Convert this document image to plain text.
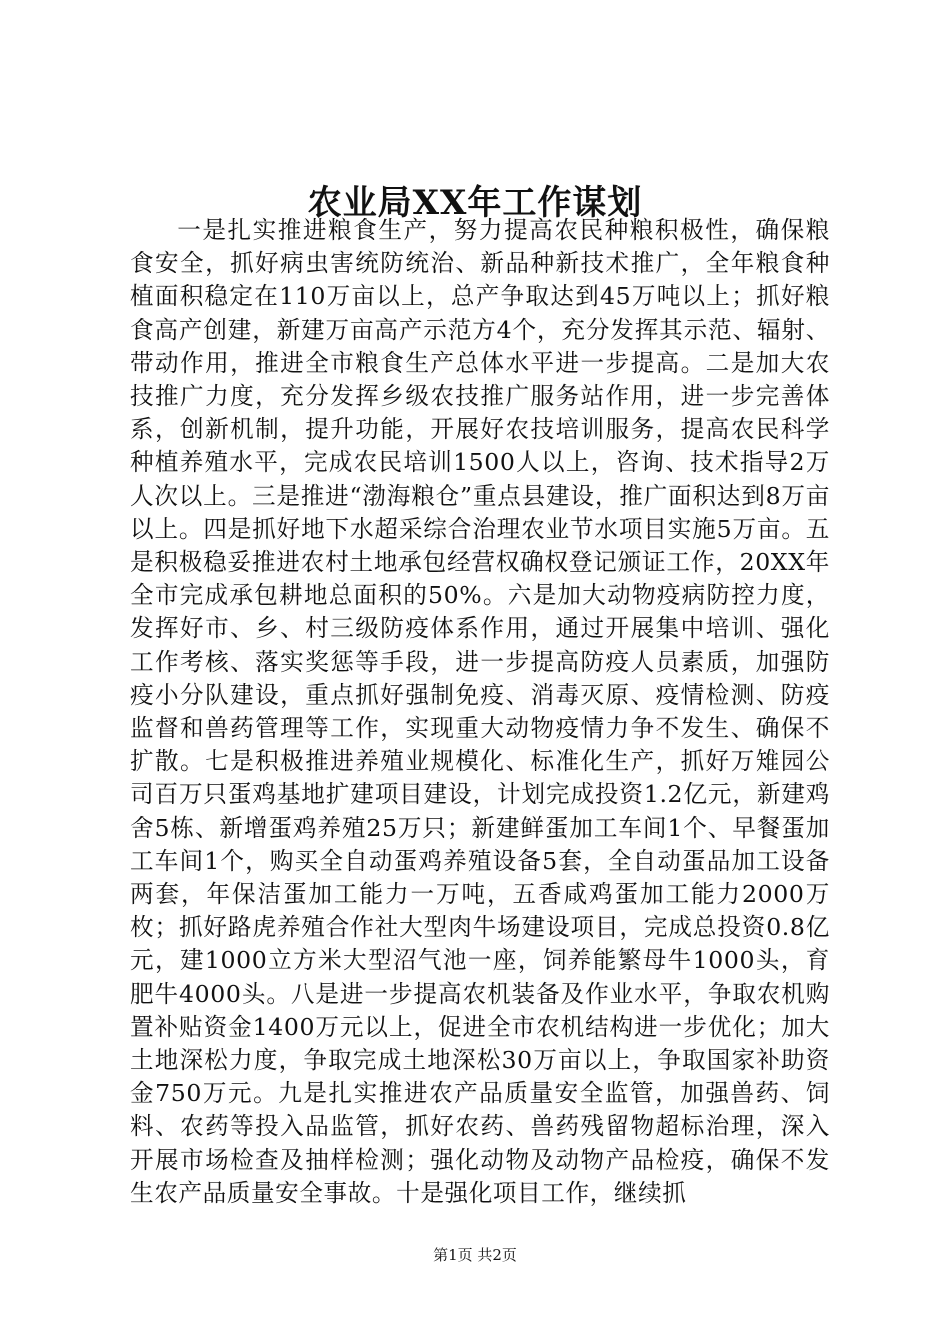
农业局XX年工作谋划

一是扎实推进粮食生产，努力提高农民种粮积极性，确保粮食安全，抓好病虫害统防统治、新品种新技术推广，全年粮食种植面积稳定在110万亩以上，总产争取达到45万吨以上；抓好粮食高产创建，新建万亩高产示范方4个，充分发挥其示范、辐射、带动作用，推进全市粮食生产总体水平进一步提高。二是加大农技推广力度，充分发挥乡级农技推广服务站作用，进一步完善体系，创新机制，提升功能，开展好农技培训服务，提高农民科学种植养殖水平，完成农民培训1500人以上，咨询、技术指导2万人次以上。三是推进“渤海粮仓”重点县建设，推广面积达到8万亩以上。四是抓好地下水超采综合治理农业节水项目实施5万亩。五是积极稳妥推进农村土地承包经营权确权登记颁证工作，20XX年全市完成承包耕地总面积的50%。六是加大动物疫病防控力度，发挥好市、乡、村三级防疫体系作用，通过开展集中培训、强化工作考核、落实奖惩等手段，进一步提高防疫人员素质，加强防疫小分队建设，重点抓好强制免疫、消毒灭原、疫情检测、防疫监督和兽药管理等工作，实现重大动物疫情力争不发生、确保不扩散。七是积极推进养殖业规模化、标准化生产，抓好万雉园公司百万只蛋鸡基地扩建项目建设，计划完成投资1.2亿元，新建鸡舍5栋、新增蛋鸡养殖25万只；新建鲜蛋加工车间1个、早餐蛋加工车间1个，购买全自动蛋鸡养殖设备5套，全自动蛋品加工设备两套，年保洁蛋加工能力一万吨，五香咸鸡蛋加工能力2000万枚；抓好路虎养殖合作社大型肉牛场建设项目，完成总投资0.8亿元，建1000立方米大型沼气池一座，饲养能繁母牛1000头，育肥牛4000头。八是进一步提高农机装备及作业水平，争取农机购置补贴资金1400万元以上，促进全市农机结构进一步优化；加大土地深松力度，争取完成土地深松30万亩以上，争取国家补助资金750万元。九是扎实推进农产品质量安全监管，加强兽药、饲料、农药等投入品监管，抓好农药、兽药残留物超标治理，深入开展市场检查及抽样检测；强化动物及动物产品检疫，确保不发生农产品质量安全事故。十是强化项目工作，继续抓

第1页 共2页
